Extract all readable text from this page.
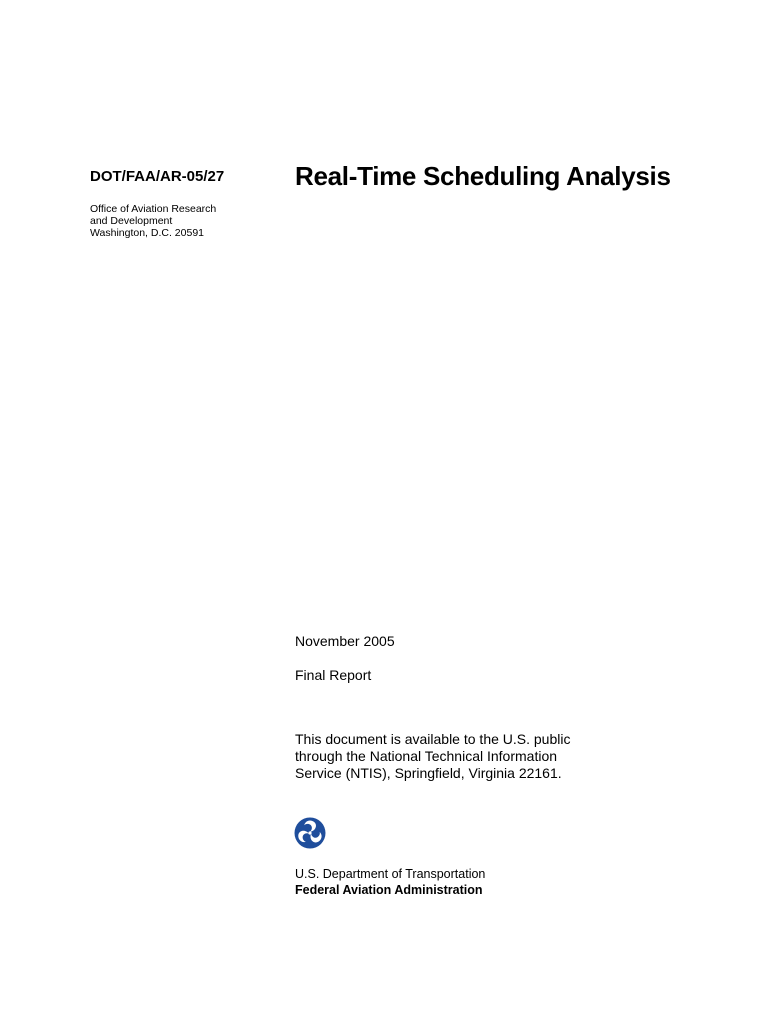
DOT/FAA/AR-05/27	Real-Time Scheduling Analysis
Office of Aviation Research
and Development
Washington, D.C. 20591
November 2005
Final Report
This document is available to the U.S. public
through the National Technical Information
Service (NTIS), Springfield, Virginia 22161.
U.S. Department of Transportation
Federal Aviation Administration
